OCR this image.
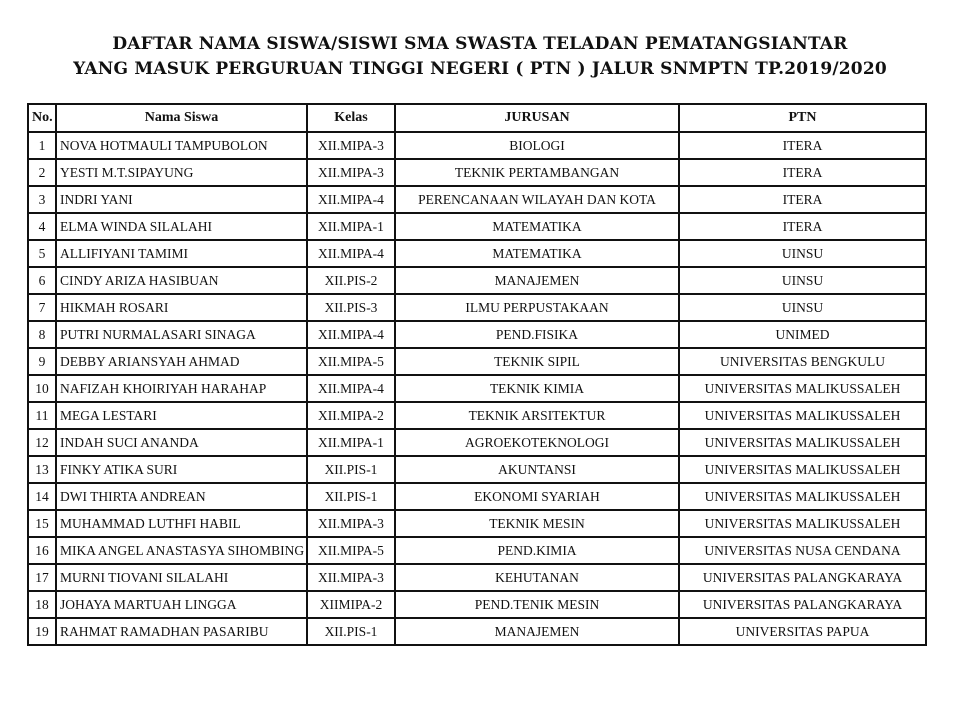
DAFTAR NAMA SISWA/SISWI SMA SWASTA TELADAN PEMATANGSIANTAR
YANG MASUK PERGURUAN TINGGI NEGERI ( PTN ) JALUR SNMPTN TP.2019/2020
No.	Nama Siswa	Kelas	JURUSAN	PTN
1	NOVA HOTMAULI TAMPUBOLON	XII.MIPA-3	BIOLOGI	ITERA
2	YESTI M.T.SIPAYUNG	XII.MIPA-3	TEKNIK PERTAMBANGAN	ITERA
3	INDRI YANI	XII.MIPA-4	PERENCANAAN WILAYAH DAN KOTA	ITERA
4	ELMA WINDA SILALAHI	XII.MIPA-1	MATEMATIKA	ITERA
5	ALLIFIYANI TAMIMI	XII.MIPA-4	MATEMATIKA	UINSU
6	CINDY ARIZA HASIBUAN	XII.PIS-2	MANAJEMEN	UINSU
7	HIKMAH ROSARI	XII.PIS-3	ILMU PERPUSTAKAAN	UINSU
8	PUTRI NURMALASARI SINAGA	XII.MIPA-4	PEND.FISIKA	UNIMED
9	DEBBY ARIANSYAH AHMAD	XII.MIPA-5	TEKNIK SIPIL	UNIVERSITAS BENGKULU
10	NAFIZAH KHOIRIYAH HARAHAP	XII.MIPA-4	TEKNIK KIMIA	UNIVERSITAS MALIKUSSALEH
11	MEGA LESTARI	XII.MIPA-2	TEKNIK ARSITEKTUR	UNIVERSITAS MALIKUSSALEH
12	INDAH SUCI ANANDA	XII.MIPA-1	AGROEKOTEKNOLOGI	UNIVERSITAS MALIKUSSALEH
13	FINKY ATIKA SURI	XII.PIS-1	AKUNTANSI	UNIVERSITAS MALIKUSSALEH
14	DWI THIRTA ANDREAN	XII.PIS-1	EKONOMI SYARIAH	UNIVERSITAS MALIKUSSALEH
15	MUHAMMAD LUTHFI HABIL	XII.MIPA-3	TEKNIK MESIN	UNIVERSITAS MALIKUSSALEH
16	MIKA ANGEL ANASTASYA SIHOMBING	XII.MIPA-5	PEND.KIMIA	UNIVERSITAS NUSA CENDANA
17	MURNI TIOVANI SILALAHI	XII.MIPA-3	KEHUTANAN	UNIVERSITAS PALANGKARAYA
18	JOHAYA MARTUAH LINGGA	XIIMIPA-2	PEND.TENIK MESIN	UNIVERSITAS PALANGKARAYA
19	RAHMAT RAMADHAN PASARIBU	XII.PIS-1	MANAJEMEN	UNIVERSITAS PAPUA
